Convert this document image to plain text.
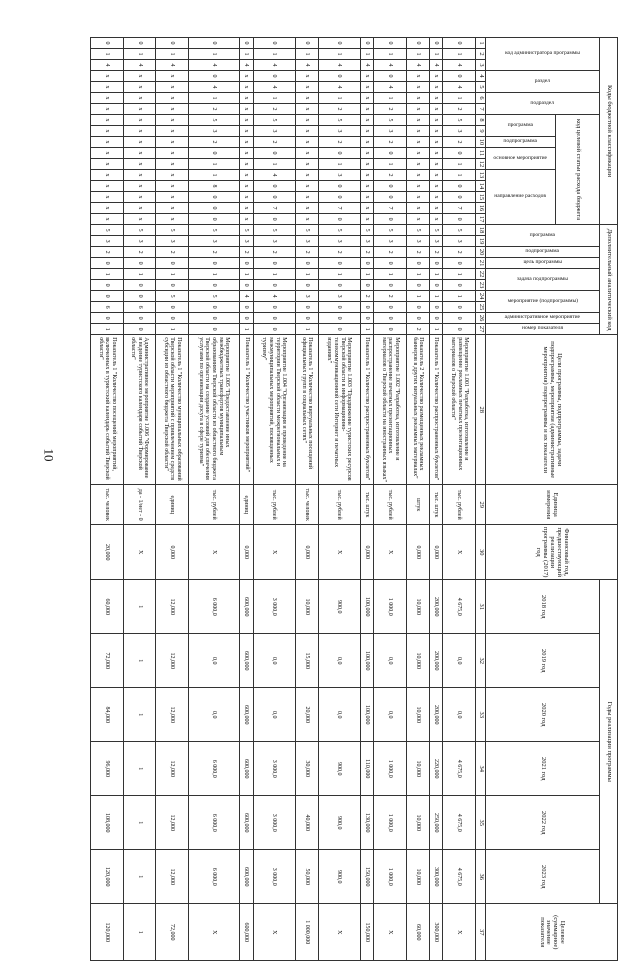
10
Коды бюджетной классификации																	Дополнительный аналитический код										Цели программы, подпрограммы, задачи подпрограммы, мероприятия (административные мероприятия) подпрограммы и их показатели	Единица измерения	Финансовый год, предшествующий реализации программы (2017) год	Годы реализации программы						Целевое (суммарное) значение показателя

код администратора программы			раздел		подраздел		код целевой статьи расхода бюджета										программа		подпрограмма	цель программы	задача подпрограммы		мероприятие (подпрограммы)		административное мероприятие	номер показателя				2018 год	2019 год	2020 год	2021 год	2022 год	2023 год	

							программа		подпрограмма	основное мероприятие		направление расходов																								

1	2	3	4	5	6	7	8	9	10	11	12	13	14	15	16	17	18	19	20	21	22	23	24	25	26	27	28	29	30	31	32	33	34	35	36	37
0	1	4	0	4	1	2	5	3	2	0	1	1	0	0	7	0	5	3	2	0	1	0	1	0	0	0	Мероприятие 1.001 "Разработка, изготовление и размещение рекламных печатных презентационных материалов о Тверской области"	тыс. рублей	X	4 675,0	0,0	0,0	4 675,0	4 675,0	4 675,0	X
0	1	4	x	x	x	x	x	x	x	x	x	x	x	x	x	x	5	3	2	0	1	0	1	0	0	1	Показатель 1 "Количество распространенных буклетов"	тыс. штук	0,000	200,000	200,000	200,000	220,000	250,000	300,000	300,000
0	1	4	x	x	x	x	x	x	x	x	x	x	x	x	x	x	5	3	2	0	1	0	1	0	0	2	Показатель 2 "Количество размещенных рекламных баннеров в других визуальных рекламных материалах"	штук	0,000	10,000	10,000	10,000	10,000	10,000	10,000	60,000
0	1	4	0	4	1	2	5	3	2	0	1	2	0	0	7	0	5	3	2	0	1	0	2	0	0	0	Мероприятие 1.002 "Разработка, изготовление и распространение печатных презентационных материалов о Тверской области на иностранных языках"	тыс. рублей	X	1 000,0	0,0	0,0	1 000,0	1 000,0	1 000,0	X
0	1	4	x	x	x	x	x	x	x	x	x	x	x	x	x	x	5	3	2	0	1	0	2	0	0	1	Показатель 1 "Количество распространенных буклетов"	тыс. штук	0,000	100,000	100,000	100,000	110,000	130,000	150,000	150,000
0	1	4	0	4	1	2	5	3	2	0	1	3	0	0	7	0	5	3	2	0	1	0	3	0	0	0	Мероприятие 1.003 "Продвижение туристских ресурсов Тверской области в информационно-телекоммуникационной сети Интернет и печатных изданиях"	тыс. рублей	X	900,0	0,0	0,0	900,0	900,0	900,0	X
0	1	4	x	x	x	x	x	x	x	x	x	x	x	x	x	x	5	3	2	0	1	0	3	0	0	1	Показатель 1 "Количество виртуальных посещений официальных групп в социальных сетях"	тыс. человек	0,000	10,000	15,000	20,000	30,000	40,000	50,000	1 000,000
0	1	4	0	4	1	2	5	3	2	0	1	4	0	0	7	0	5	3	2	0	1	0	4	0	0	0	Мероприятие 1.004 "Организация и проведение на территории Тверской области межрегиональных и межмуниципальных мероприятий, посвященных туризму"	тыс. рублей	X	3 000,0	0,0	0,0	3 000,0	3 000,0	3 000,0	X
0	1	4	x	x	x	x	x	x	x	x	x	x	x	x	x	x	5	3	2	0	1	0	4	0	0	1	Показатель 1 "Количество участников мероприятий"	единиц	0,000	600,000	600,000	600,000	600,000	600,000	600,000	600,000
0	1	4	0	4	1	2	5	3	2	0	1	1	8	0	0	0	5	3	2	0	1	0	5	0	0	0	Мероприятие 1.005 "Предоставление иных межбюджетных трансфертов муниципальным образованиям Тверской области из областного бюджета Тверской области на создание условий для обеспечения услугами по организации досуга в сфере туризма"	тыс. рублей	X	6 000,0	0,0	0,0	6 000,0	6 000,0	6 000,0	X
0	1	4	x	x	x	x	x	x	x	x	x	x	x	x	x	x	5	3	2	0	1	0	5	0	0	1	Показатель 1 "Количество муниципальных образований Тверской области мероприятий с привлечением средств субсидии из областного бюджета Тверской области"	единиц	0,000	12,000	12,000	12,000	12,000	12,000	12,000	72,000
0	1	4	x	x	x	x	x	x	x	x	x	x	x	x	x	x	5	3	2	0	1	0	0	6	0	0	Административное мероприятие 1.006 "Формирование и ведение туристского календаря событий Тверской области"	да - 1/нет - 0	X	1	1	1	1	1	1	1
0	1	4	x	x	x	x	x	x	x	x	x	x	x	x	x	x	5	3	2	0	1	0	0	6	0	1	Показатель 1 "Количество посещений мероприятий, включенных в туристский календарь событий Тверской области"	тыс. человек	20,000	60,000	72,000	84,000	96,000	108,000	120,000	120,000
